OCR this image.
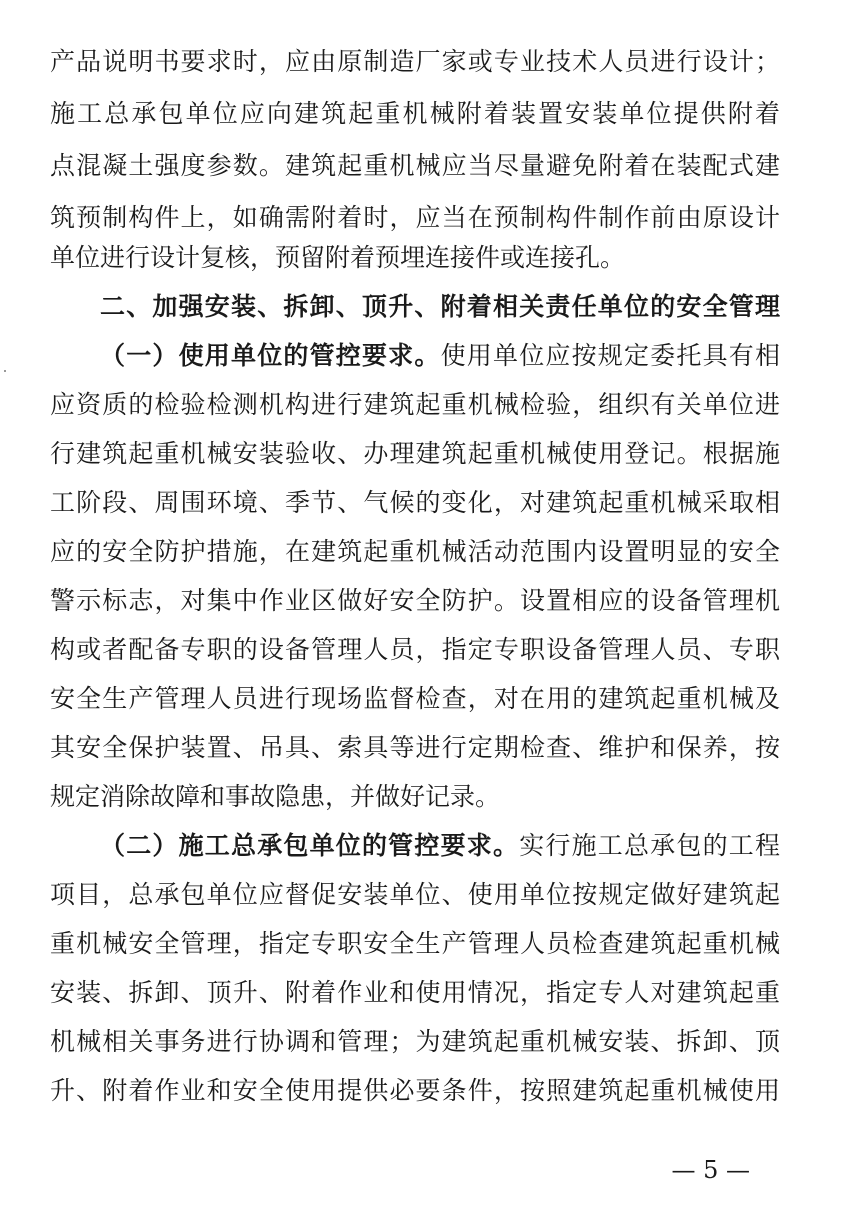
产品说明书要求时，应由原制造厂家或专业技术人员进行设计；
施工总承包单位应向建筑起重机械附着装置安装单位提供附着
点混凝土强度参数。建筑起重机械应当尽量避免附着在装配式建
筑预制构件上，如确需附着时，应当在预制构件制作前由原设计
单位进行设计复核，预留附着预埋连接件或连接孔。
二、加强安装、拆卸、顶升、附着相关责任单位的安全管理
（一）使用单位的管控要求。使用单位应按规定委托具有相
应资质的检验检测机构进行建筑起重机械检验，组织有关单位进
行建筑起重机械安装验收、办理建筑起重机械使用登记。根据施
工阶段、周围环境、季节、气候的变化，对建筑起重机械采取相
应的安全防护措施，在建筑起重机械活动范围内设置明显的安全
警示标志，对集中作业区做好安全防护。设置相应的设备管理机
构或者配备专职的设备管理人员，指定专职设备管理人员、专职
安全生产管理人员进行现场监督检查，对在用的建筑起重机械及
其安全保护装置、吊具、索具等进行定期检查、维护和保养，按
规定消除故障和事故隐患，并做好记录。
（二）施工总承包单位的管控要求。实行施工总承包的工程
项目，总承包单位应督促安装单位、使用单位按规定做好建筑起
重机械安全管理，指定专职安全生产管理人员检查建筑起重机械
安装、拆卸、顶升、附着作业和使用情况，指定专人对建筑起重
机械相关事务进行协调和管理；为建筑起重机械安装、拆卸、顶
升、附着作业和安全使用提供必要条件，按照建筑起重机械使用
— 5 —
